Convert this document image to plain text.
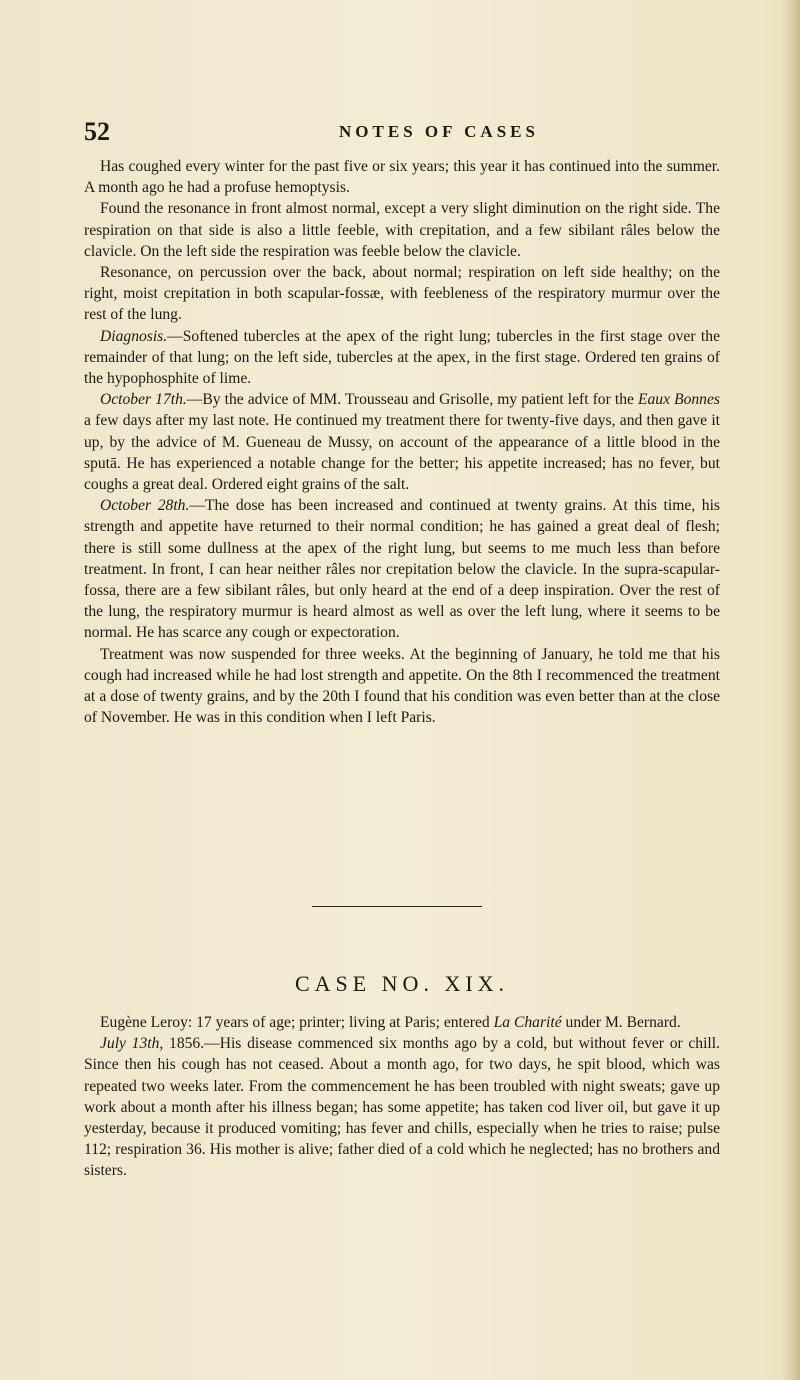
52	NOTES OF CASES

Has coughed every winter for the past five or six years; this year it has continued into the summer. A month ago he had a profuse hemoptysis.

Found the resonance in front almost normal, except a very slight diminution on the right side. The respiration on that side is also a little feeble, with crepitation, and a few sibilant râles below the clavicle. On the left side the respiration was feeble below the clavicle.

Resonance, on percussion over the back, about normal; respiration on left side healthy; on the right, moist crepitation in both scapular-fossæ, with feebleness of the respiratory murmur over the rest of the lung.

Diagnosis.—Softened tubercles at the apex of the right lung; tubercles in the first stage over the remainder of that lung; on the left side, tubercles at the apex, in the first stage. Ordered ten grains of the hypophosphite of lime.

October 17th.—By the advice of MM. Trousseau and Grisolle, my patient left for the Eaux Bonnes a few days after my last note. He continued my treatment there for twenty-five days, and then gave it up, by the advice of M. Gueneau de Mussy, on account of the appearance of a little blood in the sputā. He has experienced a notable change for the better; his appetite increased; has no fever, but coughs a great deal. Ordered eight grains of the salt.

October 28th.—The dose has been increased and continued at twenty grains. At this time, his strength and appetite have returned to their normal condition; he has gained a great deal of flesh; there is still some dullness at the apex of the right lung, but seems to me much less than before treatment. In front, I can hear neither râles nor crepitation below the clavicle. In the supra-scapular-fossa, there are a few sibilant râles, but only heard at the end of a deep inspiration. Over the rest of the lung, the respiratory murmur is heard almost as well as over the left lung, where it seems to be normal. He has scarce any cough or expectoration.

Treatment was now suspended for three weeks. At the beginning of January, he told me that his cough had increased while he had lost strength and appetite. On the 8th I recommenced the treatment at a dose of twenty grains, and by the 20th I found that his condition was even better than at the close of November. He was in this condition when I left Paris.

CASE NO. XIX.

Eugène Leroy: 17 years of age; printer; living at Paris; entered La Charité under M. Bernard.

July 13th, 1856.—His disease commenced six months ago by a cold, but without fever or chill. Since then his cough has not ceased. About a month ago, for two days, he spit blood, which was repeated two weeks later. From the commencement he has been troubled with night sweats; gave up work about a month after his illness began; has some appetite; has taken cod liver oil, but gave it up yesterday, because it produced vomiting; has fever and chills, especially when he tries to raise; pulse 112; respiration 36. His mother is alive; father died of a cold which he neglected; has no brothers and sisters.
